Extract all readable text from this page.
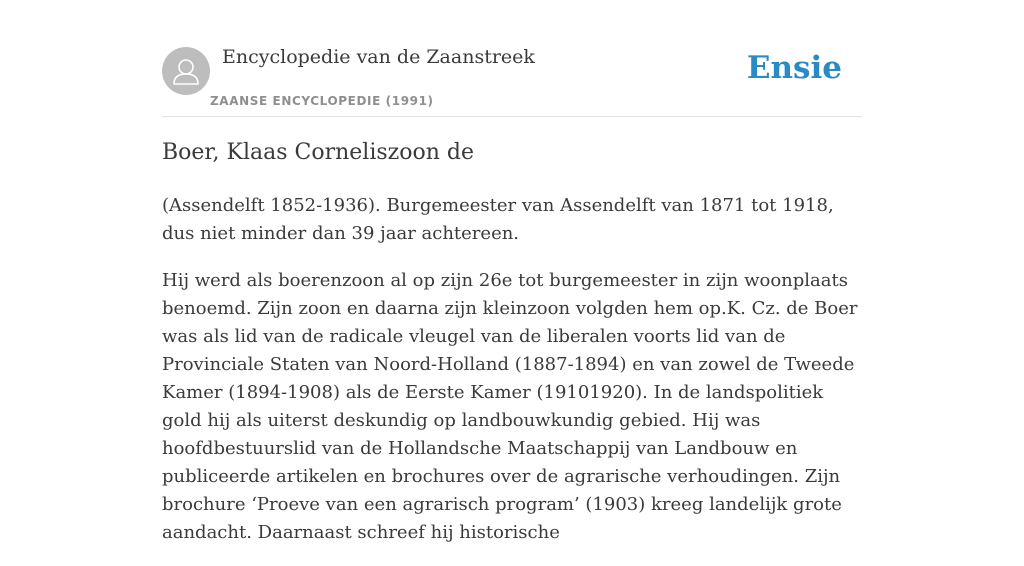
Encyclopedie van de Zaanstreek
ZAANSE ENCYCLOPEDIE (1991)
Ensie
Boer, Klaas Corneliszoon de

(Assendelft 1852-1936). Burgemeester van Assendelft van 1871 tot 1918, dus niet minder dan 39 jaar achtereen.

Hij werd als boerenzoon al op zijn 26e tot burgemeester in zijn woonplaats benoemd. Zijn zoon en daarna zijn kleinzoon volgden hem op.K. Cz. de Boer was als lid van de radicale vleugel van de liberalen voorts lid van de Provinciale Staten van Noord-Holland (1887-1894) en van zowel de Tweede Kamer (1894-1908) als de Eerste Kamer (19101920). In de landspolitiek gold hij als uiterst deskundig op landbouwkundig gebied. Hij was hoofdbestuurslid van de Hollandsche Maatschappij van Landbouw en publiceerde artikelen en brochures over de agrarische verhoudingen. Zijn brochure ‘Proeve van een agrarisch program’ (1903) kreeg landelijk grote aandacht. Daarnaast schreef hij historische
